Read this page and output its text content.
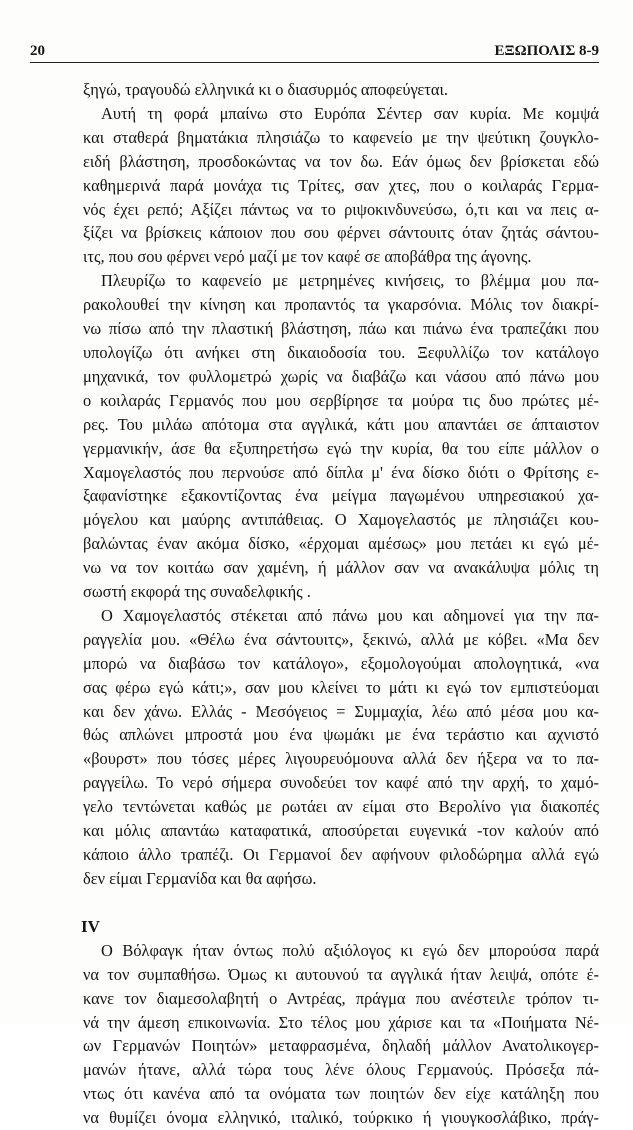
20	ΕΞΩΠΟΛΙΣ 8-9
ξηγώ, τραγουδώ ελληνικά κι ο διασυρμός αποφεύγεται.
Αυτή τη φορά μπαίνω στο Ευρόπα Σέντερ σαν κυρία. Με κομψά
και σταθερά βηματάκια πλησιάζω το καφενείο με την ψεύτικη ζουγκλο-
ειδή βλάστηση, προσδοκώντας να τον δω. Εάν όμως δεν βρίσκεται εδώ
καθημερινά παρά μονάχα τις Τρίτες, σαν χτες, που ο κοιλαράς Γερμα-
νός έχει ρεπό; Αξίζει πάντως να το ριψοκινδυνεύσω, ό,τι και να πεις α-
ξίζει να βρίσκεις κάποιον που σου φέρνει σάντουιτς όταν ζητάς σάντου-
ιτς, που σου φέρνει νερό μαζί με τον καφέ σε αποβάθρα της άγονης.
Πλευρίζω το καφενείο με μετρημένες κινήσεις, το βλέμμα μου πα-
ρακολουθεί την κίνηση και προπαντός τα γκαρσόνια. Μόλις τον διακρί-
νω πίσω από την πλαστική βλάστηση, πάω και πιάνω ένα τραπεζάκι που
υπολογίζω ότι ανήκει στη δικαιοδοσία του. Ξεφυλλίζω τον κατάλογο
μηχανικά, τον φυλλομετρώ χωρίς να διαβάζω και νάσου από πάνω μου
ο κοιλαράς Γερμανός που μου σερβίρησε τα μούρα τις δυο πρώτες μέ-
ρες. Του μιλάω απότομα στα αγγλικά, κάτι μου απαντάει σε άπταιστον
γερμανικήν, άσε θα εξυπηρετήσω εγώ την κυρία, θα του είπε μάλλον ο
Χαμογελαστός που περνούσε από δίπλα μ' ένα δίσκο διότι ο Φρίτσης ε-
ξαφανίστηκε εξακοντίζοντας ένα μείγμα παγωμένου υπηρεσιακού χα-
μόγελου και μαύρης αντιπάθειας. Ο Χαμογελαστός με πλησιάζει κου-
βαλώντας έναν ακόμα δίσκο, «έρχομαι αμέσως» μου πετάει κι εγώ μέ-
νω να τον κοιτάω σαν χαμένη, ή μάλλον σαν να ανακάλυψα μόλις τη
σωστή εκφορά της συναδελφικής .
Ο Χαμογελαστός στέκεται από πάνω μου και αδημονεί για την πα-
ραγγελία μου. «Θέλω ένα σάντουιτς», ξεκινώ, αλλά με κόβει. «Μα δεν
μπορώ να διαβάσω τον κατάλογο», εξομολογούμαι απολογητικά, «να
σας φέρω εγώ κάτι;», σαν μου κλείνει το μάτι κι εγώ τον εμπιστεύομαι
και δεν χάνω. Ελλάς - Μεσόγειος = Συμμαχία, λέω από μέσα μου κα-
θώς απλώνει μπροστά μου ένα ψωμάκι με ένα τεράστιο και αχνιστό
«βουρστ» που τόσες μέρες λιγουρευόμουνα αλλά δεν ήξερα να το πα-
ραγγείλω. Το νερό σήμερα συνοδεύει τον καφέ από την αρχή, το χαμό-
γελο τεντώνεται καθώς με ρωτάει αν είμαι στο Βερολίνο για διακοπές
και μόλις απαντάω καταφατικά, αποσύρεται ευγενικά -τον καλούν από
κάποιο άλλο τραπέζι. Οι Γερμανοί δεν αφήνουν φιλοδώρημα αλλά εγώ
δεν είμαι Γερμανίδα και θα αφήσω.
IV
Ο Βόλφαγκ ήταν όντως πολύ αξιόλογος κι εγώ δεν μπορούσα παρά
να τον συμπαθήσω. Όμως κι αυτουνού τα αγγλικά ήταν λειψά, οπότε έ-
κανε τον διαμεσολαβητή ο Αντρέας, πράγμα που ανέστειλε τρόπον τι-
νά την άμεση επικοινωνία. Στο τέλος μου χάρισε και τα «Ποιήματα Νέ-
ων Γερμανών Ποιητών» μεταφρασμένα, δηλαδή μάλλον Ανατολικογερ-
μανών ήτανε, αλλά τώρα τους λένε όλους Γερμανούς. Πρόσεξα πά-
ντως ότι κανένα από τα ονόματα των ποιητών δεν είχε κατάληξη που
να θυμίζει όνομα ελληνικό, ιταλικό, τούρκικο ή γιουγκοσλάβικο, πράγ-
